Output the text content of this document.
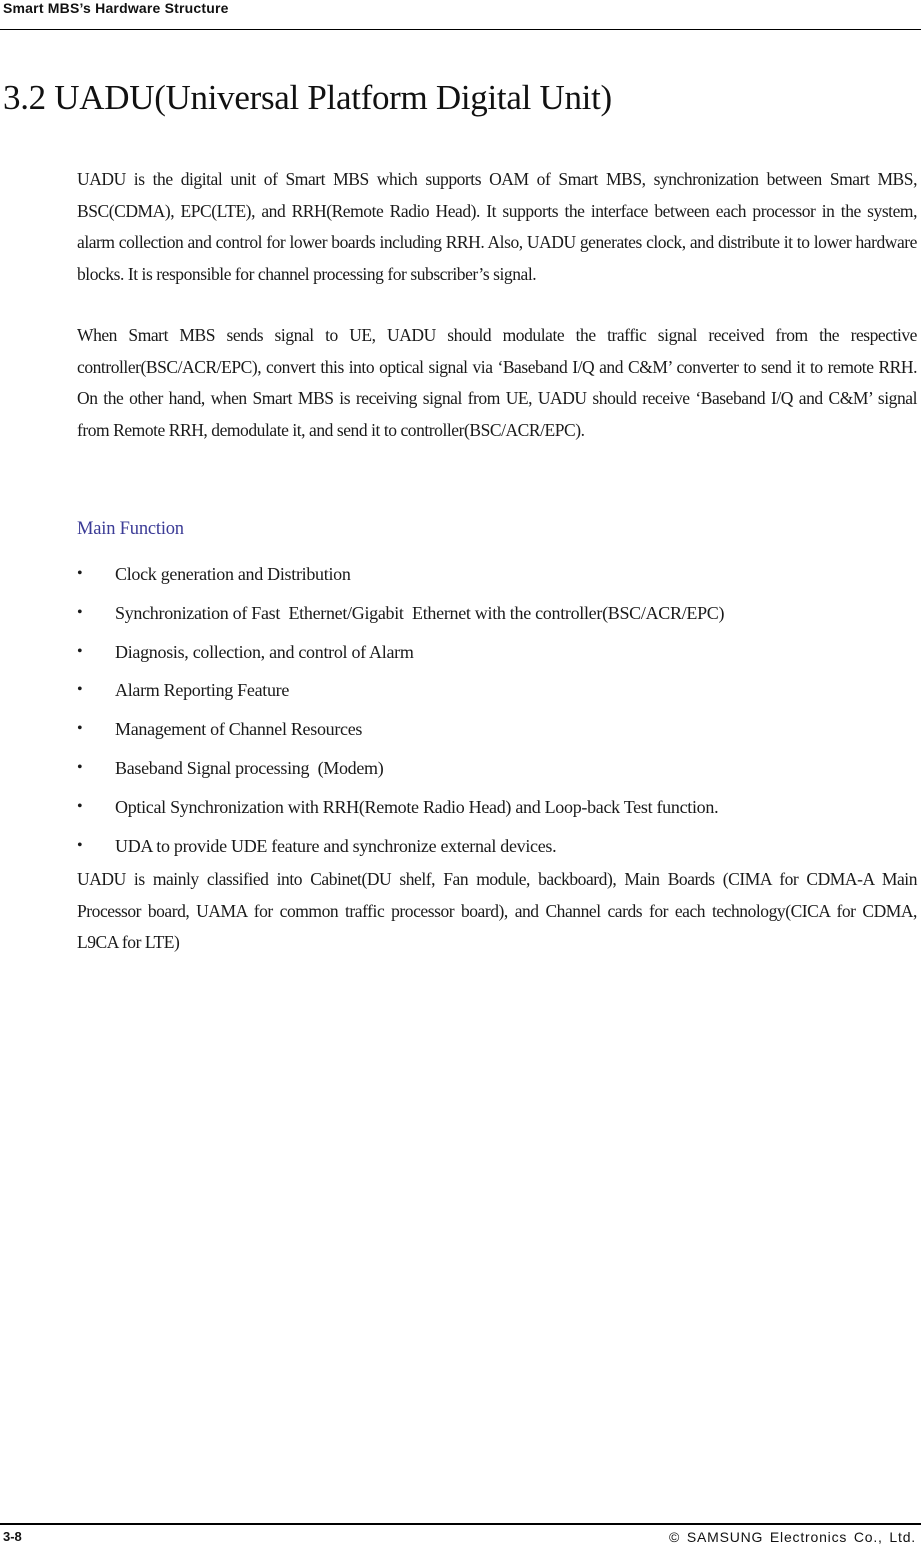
Smart MBS’s Hardware Structure
3.2 UADU(Universal Platform Digital Unit)

UADU is the digital unit of Smart MBS which supports OAM of Smart MBS, synchronization between Smart MBS, BSC(CDMA), EPC(LTE), and RRH(Remote Radio Head). It supports the interface between each processor in the system, alarm collection and control for lower boards including RRH. Also, UADU generates clock, and distribute it to lower hardware blocks. It is responsible for channel processing for subscriber’s signal.

When Smart MBS sends signal to UE, UADU should modulate the traffic signal received from the respective controller(BSC/ACR/EPC), convert this into optical signal via ‘Baseband I/Q and C&M’ converter to send it to remote RRH. On the other hand, when Smart MBS is receiving signal from UE, UADU should receive ‘Baseband I/Q and C&M’ signal from Remote RRH, demodulate it, and send it to controller(BSC/ACR/EPC).

Main Function
• Clock generation and Distribution
• Synchronization of Fast  Ethernet/Gigabit  Ethernet with the controller(BSC/ACR/EPC)
• Diagnosis, collection, and control of Alarm
• Alarm Reporting Feature
• Management of Channel Resources
• Baseband Signal processing  (Modem)
• Optical Synchronization with RRH(Remote Radio Head) and Loop-back Test function.
• UDA to provide UDE feature and synchronize external devices.

UADU is mainly classified into Cabinet(DU shelf, Fan module, backboard), Main Boards (CIMA for CDMA-A Main Processor board, UAMA for common traffic processor board), and Channel cards for each technology(CICA for CDMA, L9CA for LTE)

3-8	© SAMSUNG Electronics Co., Ltd.
